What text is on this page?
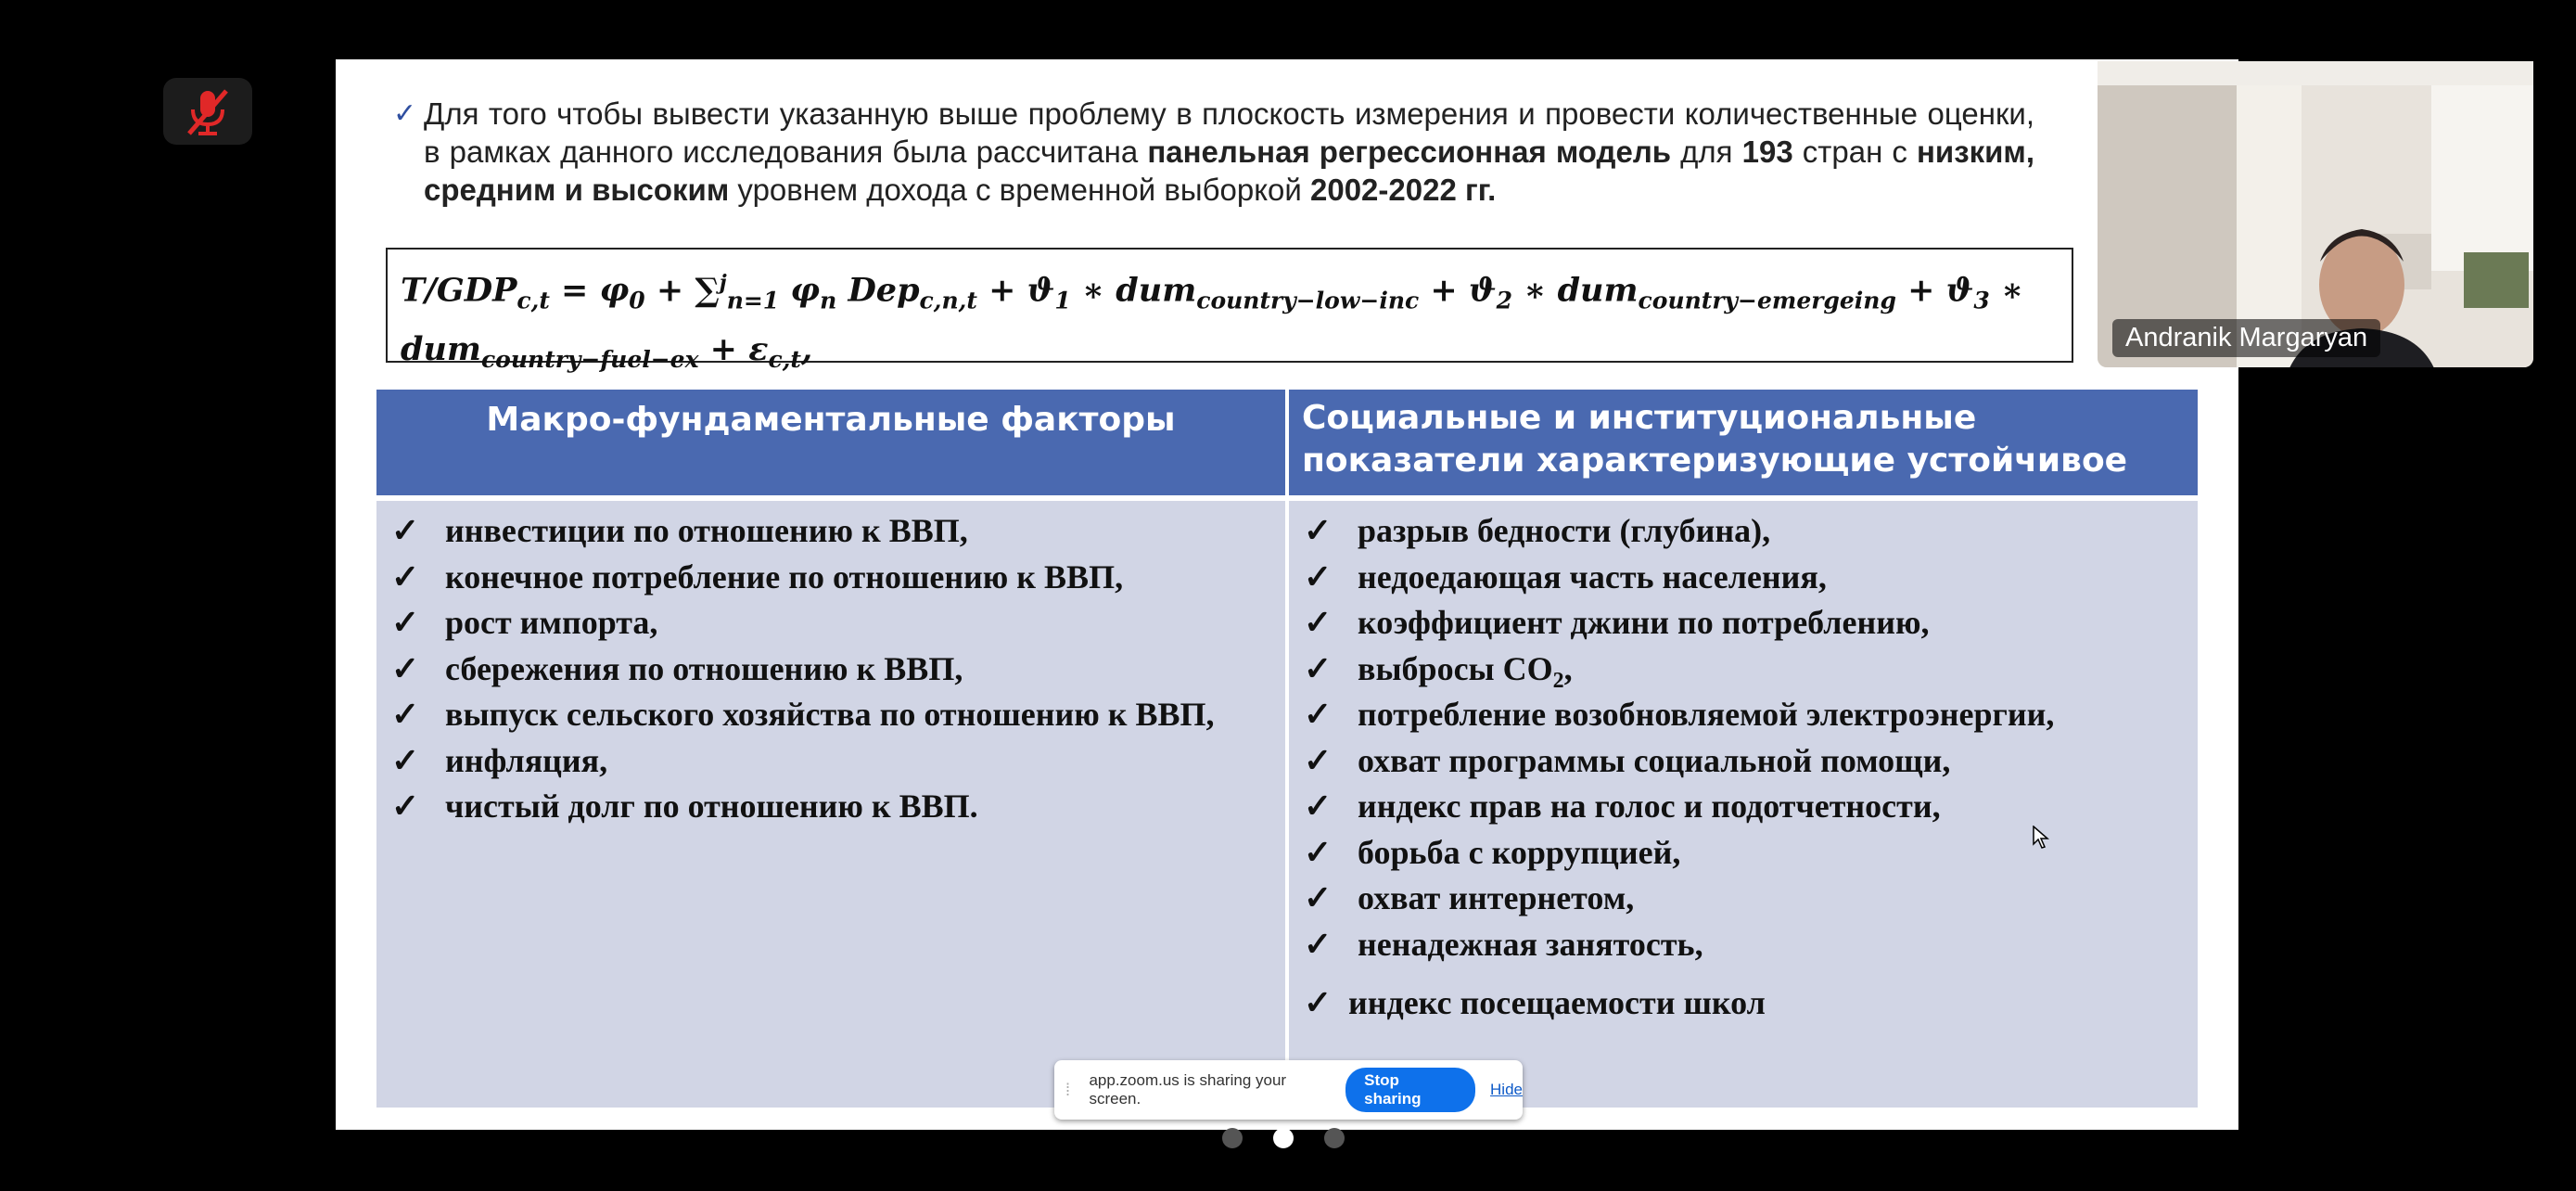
✓ Для того чтобы вывести указанную выше проблему в плоскость измерения и провести количественные оценки, в рамках данного исследования была рассчитана панельная регрессионная модель для 193 стран с низким, средним и высоким уровнем дохода с временной выборкой 2002-2022 гг.
$T/GDP_{c,t} = \varphi_0 + \sum^j_{n=1}$ $\varphi_n$ $Dep_{c,n,t} + ϑ_1$ ∗ $dum_{country-low-inc} + ϑ_2$ ∗ $dum_{country-emergeing} + ϑ_3$ ∗
$dum_{country-fuel-ex} + \varepsilon_{c,t}$,
Макро-фундаментальные факторы	Социальные и институциональные показатели характеризующие устойчивое
✓ инвестиции по отношению к ВВП,
✓ конечное потребление по отношению к ВВП,
✓ рост импорта,
✓ сбережения по отношению к ВВП,
✓ выпуск сельского хозяйства по отношению к ВВП,
✓ инфляция,
✓ чистый долг по отношению к ВВП.
✓ разрыв бедности (глубина),
✓ недоедающая часть населения,
✓ коэффициент джини по потреблению,
✓ выбросы $CO_2$,
✓ потребление возобновляемой электроэнергии,
✓ охват программы социальной помощи,
✓ индекс прав на голос и подотчетности,
✓ борьба с коррупцией,
✓ охват интернетом,
✓ ненадежная занятость,
✓ индекс посещаемости школ
Andranik Margaryan
⁞	app.zoom.us is sharing your screen.
Stop sharing
Hide
